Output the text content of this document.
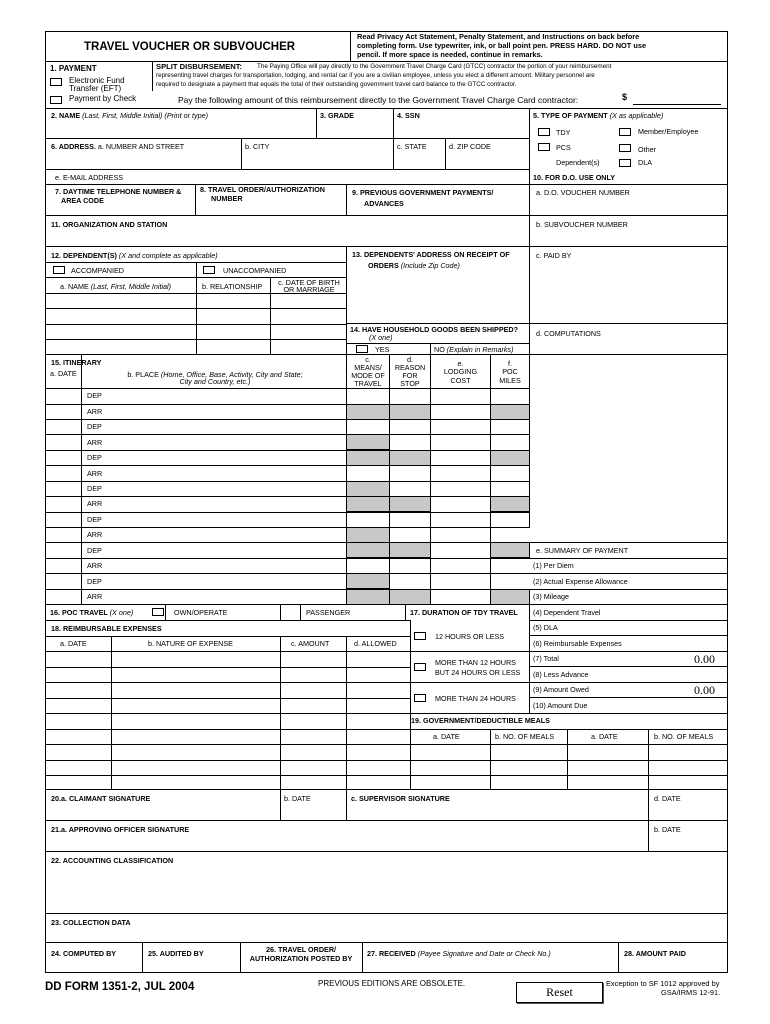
TRAVEL VOUCHER OR SUBVOUCHER
Read Privacy Act Statement, Penalty Statement, and Instructions on back before
completing form. Use typewriter, ink, or ball point pen. PRESS HARD. DO NOT use
pencil. If more space is needed, continue in remarks.
1. PAYMENT
Electronic Fund
Transfer (EFT)
Payment by Check
SPLIT DISBURSEMENT: The Paying Office will pay directly to the Government Travel Charge Card (GTCC) contractor the portion of your reimbursement
representing travel charges for transportation, lodging, and rental car if you are a civilian employee, unless you elect a different amount. Military personnel are
required to designate a payment that equals the total of their outstanding government travel card balance to the GTCC contractor.
Pay the following amount of this reimbursement directly to the Government Travel Charge Card contractor:	$
2. NAME (Last, First, Middle Initial) (Print or type)	3. GRADE	4. SSN	5. TYPE OF PAYMENT (X as applicable)
TDY	Member/Employee
PCS	Other
Dependent(s)	DLA
6. ADDRESS. a. NUMBER AND STREET	b. CITY	c. STATE	d. ZIP CODE
e. E-MAIL ADDRESS	10. FOR D.O. USE ONLY
7. DAYTIME TELEPHONE NUMBER &
AREA CODE
8. TRAVEL ORDER/AUTHORIZATION
NUMBER
9. PREVIOUS GOVERNMENT PAYMENTS/
ADVANCES
a. D.O. VOUCHER NUMBER
11. ORGANIZATION AND STATION	b. SUBVOUCHER NUMBER
12. DEPENDENT(S) (X and complete as applicable)
ACCOMPANIED	UNACCOMPANIED
a. NAME (Last, First, Middle Initial)	b. RELATIONSHIP	c. DATE OF BIRTH
OR MARRIAGE
13. DEPENDENTS' ADDRESS ON RECEIPT OF
ORDERS (Include Zip Code)
c. PAID BY
14. HAVE HOUSEHOLD GOODS BEEN SHIPPED?
(X one)
YES	NO (Explain in Remarks)
d. COMPUTATIONS
15. ITINERARY
a. DATE	b. PLACE (Home, Office, Base, Activity, City and State;
City and Country, etc.)
c.
MEANS/
MODE OF
TRAVEL
d.
REASON
FOR
STOP
e.
LODGING
COST
f.
POC
MILES
DEP
ARR
DEP
ARR
DEP
ARR
DEP
ARR
DEP
ARR
DEP
ARR
DEP
ARR
e. SUMMARY OF PAYMENT
(1) Per Diem
(2) Actual Expense Allowance
(3) Mileage
(4) Dependent Travel
(5) DLA
(6) Reimbursable Expenses
(7) Total	0.00
(8) Less Advance
(9) Amount Owed	0.00
(10) Amount Due
16. POC TRAVEL (X one)	OWN/OPERATE	PASSENGER	17. DURATION OF TDY TRAVEL
12 HOURS OR LESS
MORE THAN 12 HOURS
BUT 24 HOURS OR LESS
MORE THAN 24 HOURS
18. REIMBURSABLE EXPENSES
a. DATE	b. NATURE OF EXPENSE	c. AMOUNT	d. ALLOWED
19. GOVERNMENT/DEDUCTIBLE MEALS
a. DATE	b. NO. OF MEALS	a. DATE	b. NO. OF MEALS
20.a. CLAIMANT SIGNATURE	b. DATE	c. SUPERVISOR SIGNATURE	d. DATE
21.a. APPROVING OFFICER SIGNATURE	b. DATE
22. ACCOUNTING CLASSIFICATION
23. COLLECTION DATA
24. COMPUTED BY	25. AUDITED BY	26. TRAVEL ORDER/
AUTHORIZATION POSTED BY
27. RECEIVED (Payee Signature and Date or Check No.)	28. AMOUNT PAID
DD FORM 1351-2, JUL 2004	PREVIOUS EDITIONS ARE OBSOLETE.
Reset
Exception to SF 1012 approved by
GSA/IRMS 12-91.
